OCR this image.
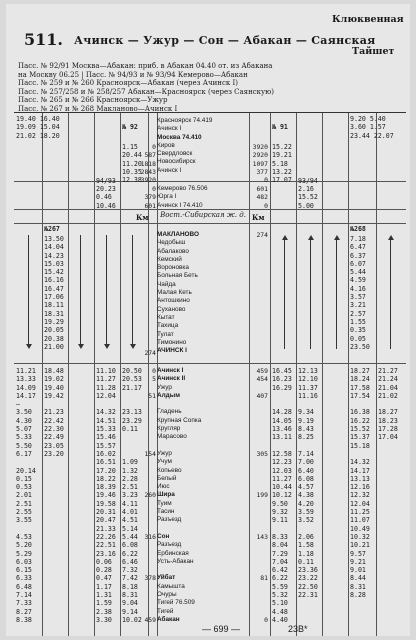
511. Ачинск — Ужур — Сон — Абакан — Саянская
Клюквенная
Тайшет
Пасс. № 92/91 Москва—Абакан: приб. в Абакан 04.40 от. из Абакана
на Москву 06.25 | Пасс. № 94/93 и № 93/94 Кемерово—Абакан
Пасс. № 259 и № 260 Красноярск—Абакан (через Ачинск I)
Пасс. № 257/258 и № 258/257 Абакан—Красноярск (через Саянскую)
Пасс. № 265 и № 266 Красноярск—Ужур
Пасс. № 267 и № 268 Макланово—Ачинск I
19.40 16.40
19.09 15.04
21.02 18.20
№ 92
1.15
20.44
11.20
10.35
12.38
94/93
0
587
1818
2843
3920
Красноярск 74.419
Ачинск I
Москва 74.410
Киров
Свердловск
Новосибирск
Ачинск I
3920
2920
1097
377
0
№ 91
15.22
19.21
5.18
13.22
17.07 93/94
9.20 5.40
3.60 1.57
23.44 22.07
20.23
0.46
10.46
0
379
601
Кемерово 76.506
Юрга I
Ачинск I 74.410
601
482
0
2.16
15.52
5.00
Вост.-Сибирская ж. д.
Км	Км
№267
13.50
14.04
14.23
15.03
15.42
16.16
16.47
17.06
18.11
18.31
19.29
20.05
20.38
21.00
274
МАКЛАНОВО
Чедобыш
Абалаково
Кемский
Вороновка
Больная Беть
Чайда
Малая Кеть
Антошкино
Суханово
Кытат
Тахица
Тулат
Тимонино
АЧИНСК I
274
№268
7.18
6.47
6.37
6.07
5.44
4.59
4.16
3.57
3.21
2.57
1.55
0.35
0.05
23.50
11.21
13.33
14.09
14.17
—
3.50
4.30
5.07
5.33
5.50
6.17

20.14
0.15
0.53
2.01
2.51
2.55
3.55

4.53
5.20
5.29
6.03
6.15
6.33
6.48
7.14
7.33
8.27
8.38
18.48
19.02
19.40
19.42

21.23
22.42
22.30
22.49
23.05
23.20

11.10
11.27
11.28
12.04

14.32
14.51
15.33
15.46
15.57
16.02
16.51
17.20
18.22
18.39
19.46
19.58
20.31
20.47
21.33
22.26
22.51
23.16
0.06
0.28
0.47
1.17
1.31
1.59
2.38
3.30
20.50
20.53
21.17

23.13
23.29
0.11

1.09
1.32
2.28
2.51
3.23
4.11
4.01
4.51
5.14
5.44
6.08
6.22
6.46
7.32
7.42
8.18
8.31
9.04
9.14
10.02
0
5

51

154

260

316

378

459
Ачинск I
Ачинск II
Ужур
Алдым

Гладень
Крупная Сопка
Кругляр
Марасово

Ужур
Учум
Копьево
Белый
Июс
Шира
Туим
Тасин
Разъезд

Сон
Разъезд
Ербинская
Усть-Абакан

Уйбат
Камышта
Очуры
Тигей 76.509
Тигей
Абакан
459
454

407

305

199

143

81

0
16.45
16.23
16.29

14.28
14.05
13.46
13.11

12.58
12.23
12.03
11.27
10.44
10.12
9.50
9.32
9.11

8.33
8.04
7.29
7.04
6.42
6.22
5.59
5.32
5.10
4.48
4.40
12.13
12.10
11.37
11.16

9.34
9.19
8.43
8.25

7.14
7.00
6.40
6.08
4.57
4.38
4.20
3.59
3.52

2.06
1.58
1.18
0.11
23.36
23.22
22.50
22.31

18.27
18.24
17.58
17.54

16.38
16.22
15.52
15.37
15.18

14.32
14.17
13.13
12.16
12.32
12.04
11.25
11.07
10.49
10.32
10.21
9.57
9.21
9.01
8.44
8.31
8.28

21.27
21.24
21.04
21.02

18.27
18.23
17.28
17.04

— 699 —	23В*
